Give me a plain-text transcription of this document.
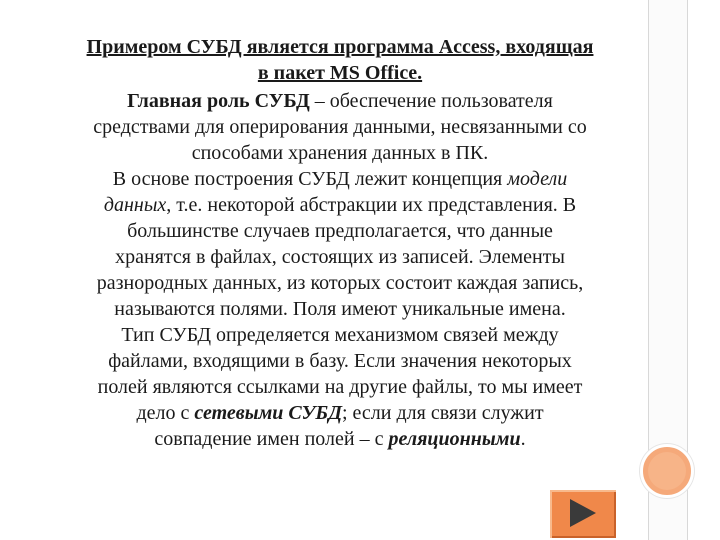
Примером СУБД является программа Access, входящая
в пакет MS Office.

Главная роль СУБД – обеспечение пользователя
средствами для оперирования данными, несвязанными со
способами хранения данных в ПК.

В основе построения СУБД лежит концепция модели
данных, т.е. некоторой абстракции их представления. В
большинстве случаев предполагается, что данные
хранятся в файлах, состоящих из записей. Элементы
разнородных данных, из которых состоит каждая запись,
называются полями. Поля имеют уникальные имена.

Тип СУБД определяется механизмом связей между
файлами, входящими в базу. Если значения некоторых
полей являются ссылками на другие файлы, то мы имеет
дело с сетевыми СУБД; если для связи служит
совпадение имен полей – с реляционными.
